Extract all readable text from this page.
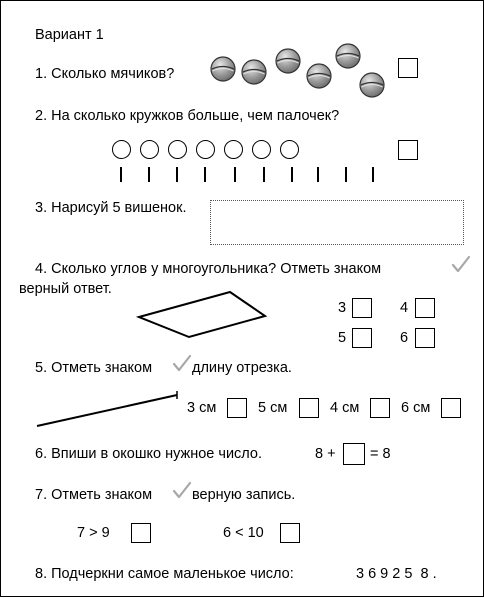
Вариант 1
1. Сколько мячиков?
2. На сколько кружков больше, чем палочек?
3. Нарисуй 5 вишенок.
4. Сколько углов у многоугольника? Отметь знаком
верный ответ.
3	4
5	6
5. Отметь знаком	длину отрезка.
3 см	5 см	4 см	6 см
6. Впиши в окошко нужное число.	8 + = 8
7. Отметь знаком	верную запись.
7 > 9	6 < 10
8. Подчеркни самое маленькое число:	3 6 9 2 5  8 .
